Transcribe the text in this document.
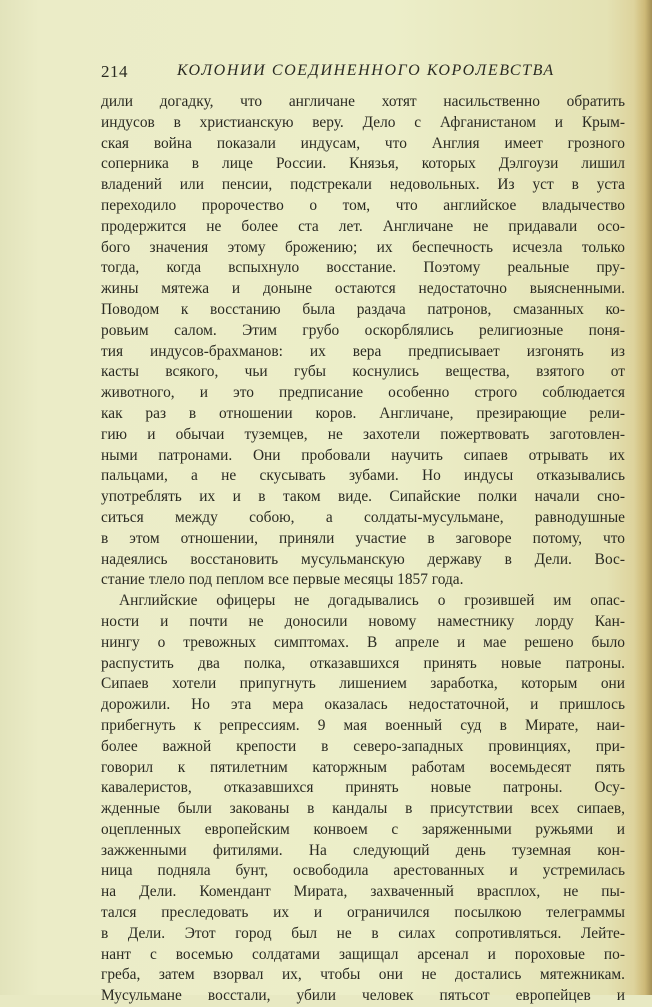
214	КОЛОНИИ СОЕДИНЕННОГО КОРОЛЕВСТВА
дили догадку, что англичане хотят насильственно обратить
индусов в христианскую веру. Дело с Афганистаном и Крым-
ская война показали индусам, что Англия имеет грозного
соперника в лице России. Князья, которых Дэлгоузи лишил
владений или пенсии, подстрекали недовольных. Из уст в уста
переходило пророчество о том, что английское владычество
продержится не более ста лет. Англичане не придавали осо-
бого значения этому брожению; их беспечность исчезла только
тогда, когда вспыхнуло восстание. Поэтому реальные пру-
жины мятежа и доныне остаются недостаточно выясненными.
Поводом к восстанию была раздача патронов, смазанных ко-
ровьим салом. Этим грубо оскорблялись религиозные поня-
тия индусов-брахманов: их вера предписывает изгонять из
касты всякого, чьи губы коснулись вещества, взятого от
животного, и это предписание особенно строго соблюдается
как раз в отношении коров. Англичане, презирающие рели-
гию и обычаи туземцев, не захотели пожертвовать заготовлен-
ными патронами. Они пробовали научить сипаев отрывать их
пальцами, а не скусывать зубами. Но индусы отказывались
употреблять их и в таком виде. Сипайские полки начали сно-
ситься между собою, а солдаты-мусульмане, равнодушные
в этом отношении, приняли участие в заговоре потому, что
надеялись восстановить мусульманскую державу в Дели. Вос-
стание тлело под пеплом все первые месяцы 1857 года.
Английские офицеры не догадывались о грозившей им опас-
ности и почти не доносили новому наместнику лорду Кан-
нингу о тревожных симптомах. В апреле и мае решено было
распустить два полка, отказавшихся принять новые патроны.
Сипаев хотели припугнуть лишением заработка, которым они
дорожили. Но эта мера оказалась недостаточной, и пришлось
прибегнуть к репрессиям. 9 мая военный суд в Мирате, наи-
более важной крепости в северо-западных провинциях, при-
говорил к пятилетним каторжным работам восемьдесят пять
кавалеристов, отказавшихся принять новые патроны. Осу-
жденные были закованы в кандалы в присутствии всех сипаев,
оцепленных европейским конвоем с заряженными ружьями и
зажженными фитилями. На следующий день туземная кон-
ница подняла бунт, освободила арестованных и устремилась
на Дели. Комендант Мирата, захваченный врасплох, не пы-
тался преследовать их и ограничился посылкою телеграммы
в Дели. Этот город был не в силах сопротивляться. Лейте-
нант с восемью солдатами защищал арсенал и пороховые по-
греба, затем взорвал их, чтобы они не достались мятежникам.
Мусульмане восстали, убили человек пятьсот европейцев и
